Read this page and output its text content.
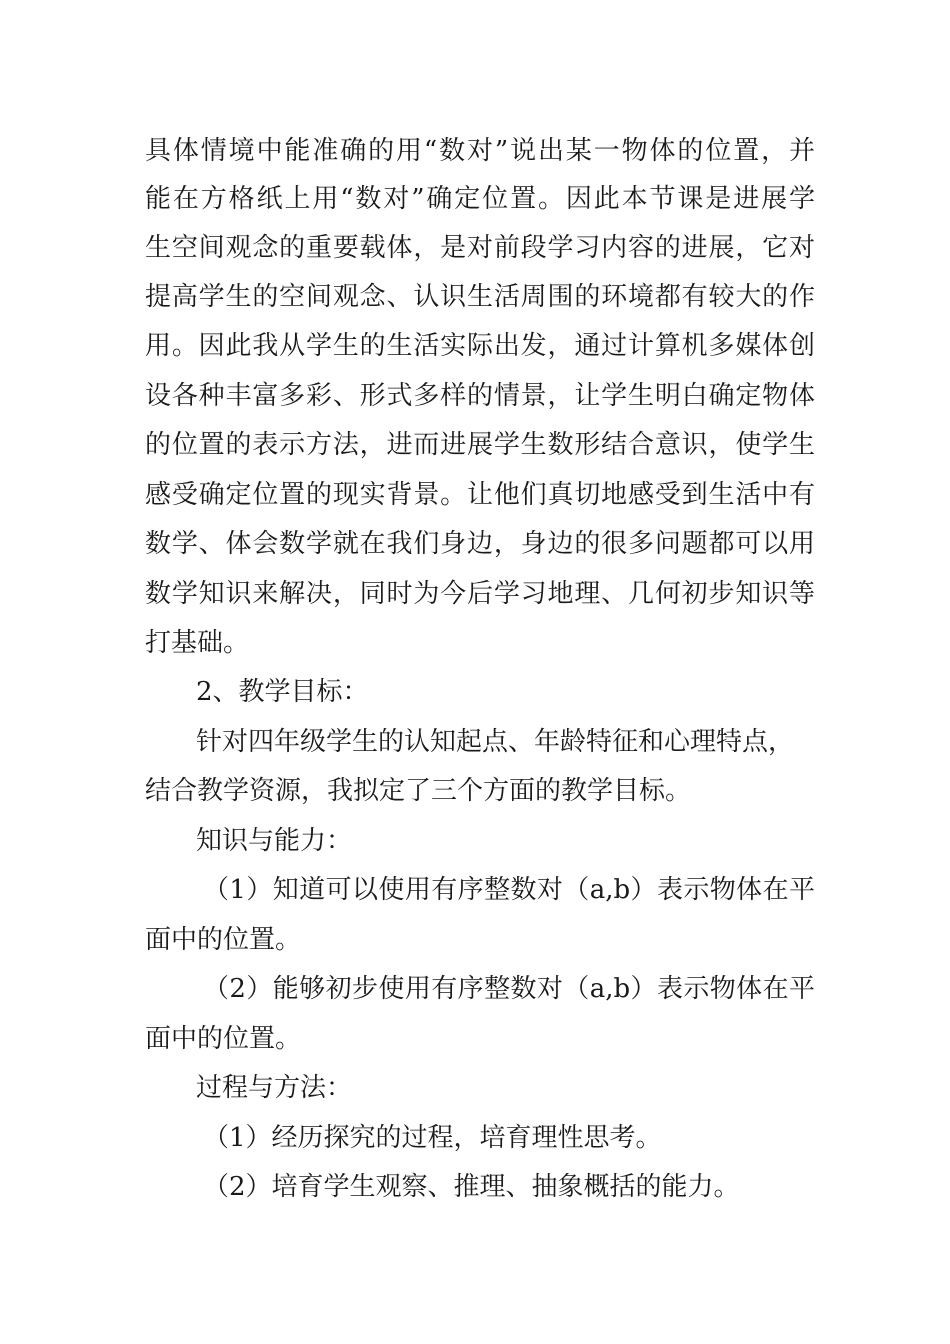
具体情境中能准确的用“数对”说出某一物体的位置，并
能在方格纸上用“数对”确定位置。因此本节课是进展学
生空间观念的重要载体，是对前段学习内容的进展，它对
提高学生的空间观念、认识生活周围的环境都有较大的作
用。因此我从学生的生活实际出发，通过计算机多媒体创
设各种丰富多彩、形式多样的情景，让学生明白确定物体
的位置的表示方法，进而进展学生数形结合意识，使学生
感受确定位置的现实背景。让他们真切地感受到生活中有
数学、体会数学就在我们身边，身边的很多问题都可以用
数学知识来解决，同时为今后学习地理、几何初步知识等
打基础。
2、教学目标：
针对四年级学生的认知起点、年龄特征和心理特点，
结合教学资源，我拟定了三个方面的教学目标。
知识与能力：
（1）知道可以使用有序整数对（a,b）表示物体在平
面中的位置。
（2）能够初步使用有序整数对（a,b）表示物体在平
面中的位置。
过程与方法：
（1）经历探究的过程，培育理性思考。
（2）培育学生观察、推理、抽象概括的能力。
